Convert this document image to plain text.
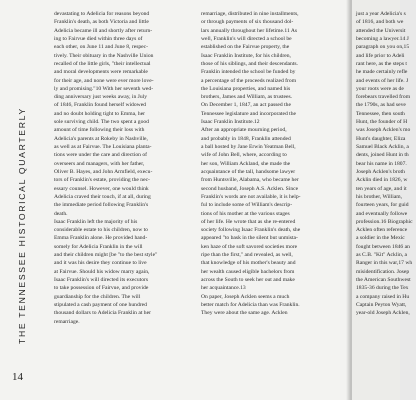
THE TENNESSEE HISTORICAL QUARTERLY
14
devastating to Adelicia for reasons beyond
Franklin's death, as both Victoria and little
Adelicia became ill and shortly after return-
ing to Fairvue died within three days of
each other, on June 11 and June 8, respec-
tively. Their obituary in the Nashville Union
recalled of the little girls, "their intellectual
and moral developments were remarkable
for their age, and none were ever more love-
ly and promising."10 With her seventh wed-
ding anniversary just weeks away, in July
of 1846, Franklin found herself widowed
and no doubt holding tight to Emma, her
sole surviving child. The two spent a good
amount of time following their loss with
Adelicia's parents at Rokeby in Nashville,
as well as at Fairvue. The Louisiana planta-
tions were under the care and direction of
overseers and managers, with her father,
Oliver B. Hayes, and John Armfield, execu-
tors of Franklin's estate, providing the nec-
essary counsel. However, one would think
Adelicia craved their touch, if at all, during
the immediate period following Franklin's
death.
Isaac Franklin left the majority of his
considerable estate to his children, now to
Emma Franklin alone. He provided hand-
somely for Adelicia Franklin in the will
and their children might [be "to the best style"
and it was his desire they continue to live
at Fairvue. Should his widow marry again,
Isaac Franklin's will directed its executors
to take possession of Fairvue, and provide
guardianship for the children. The will
stipulated a cash payment of one hundred
thousand dollars to Adelicia Franklin at her
remarriage.
remarriage, distributed in nine installments,
or through payments of six thousand dol-
lars annually throughout her lifetime.11 As
well, Franklin's will directed a school be
established on the Fairvue property, the
Isaac Franklin Institute, for his children,
those of his siblings, and their descendants.
Franklin intended the school be funded by
a percentage of the proceeds realized from
the Louisiana properties, and named his
brothers, James and William, as trustees.
On December 1, 1847, an act passed the
Tennessee legislature and incorporated the
Isaac Franklin Institute.12
After an appropriate mourning period,
and probably in 1848, Franklin attended
a ball hosted by Jane Erwin Yeatman Bell,
wife of John Bell, where, according to
her son, William Ackland, she made the
acquaintance of the tall, handsome lawyer
from Huntsville, Alabama, who became her
second husband, Joseph A.S. Acklen. Since
Franklin's words are not available, it is help-
ful to include some of William's descrip-
tions of his mother at the various stages
of her life. He wrote that as she re-entered
society following Isaac Franklin's death, she
appeared "to bask in the silent but unmista-
ken haze of the soft savored societies more
ripe than the first," and revealed, as well,
that knowledge of his mother's beauty and
her wealth caused eligible bachelors from
across the South to seek her out and make
her acquaintance.13
On paper, Joseph Acklen seems a much
better match for Adelicia than was Franklin.
They were about the same age. Acklen
just a year Adelicia's s
of 1816, and both we
attended the Universit
becoming a lawyer.14 J
paragraph on you on,15
and life prior to Adeli
rant here, as the steps t
he made certainly refle
and events of her life. J
your roots were as de
forebears travelled from
the 1790s, as had seve
Tennessee, then south
Hunt, the founder of H
was Joseph Acklen's mo
Hunt's daughter, Eliza
Samuel Black Acklin, a
dents, joined Hunt in th
bear his name in 1807.
Joseph Acklen's broth
Acklin died in 1826, w
ten years of age, and it
his brother, William,
fourteen years, for guid
and eventually followe
profession.16 Biographic
Acklen often reference
a soldier in the Mexic
fought between 1846 an
as C.B. "Kit" Acklin, a
Ranger in this war,17 wh
misidentification. Josep
the American Southwest
1835-36 during the Tex
a company raised in Hu
Captain Peyton Wyatt,
year-old Joseph Acklen,
